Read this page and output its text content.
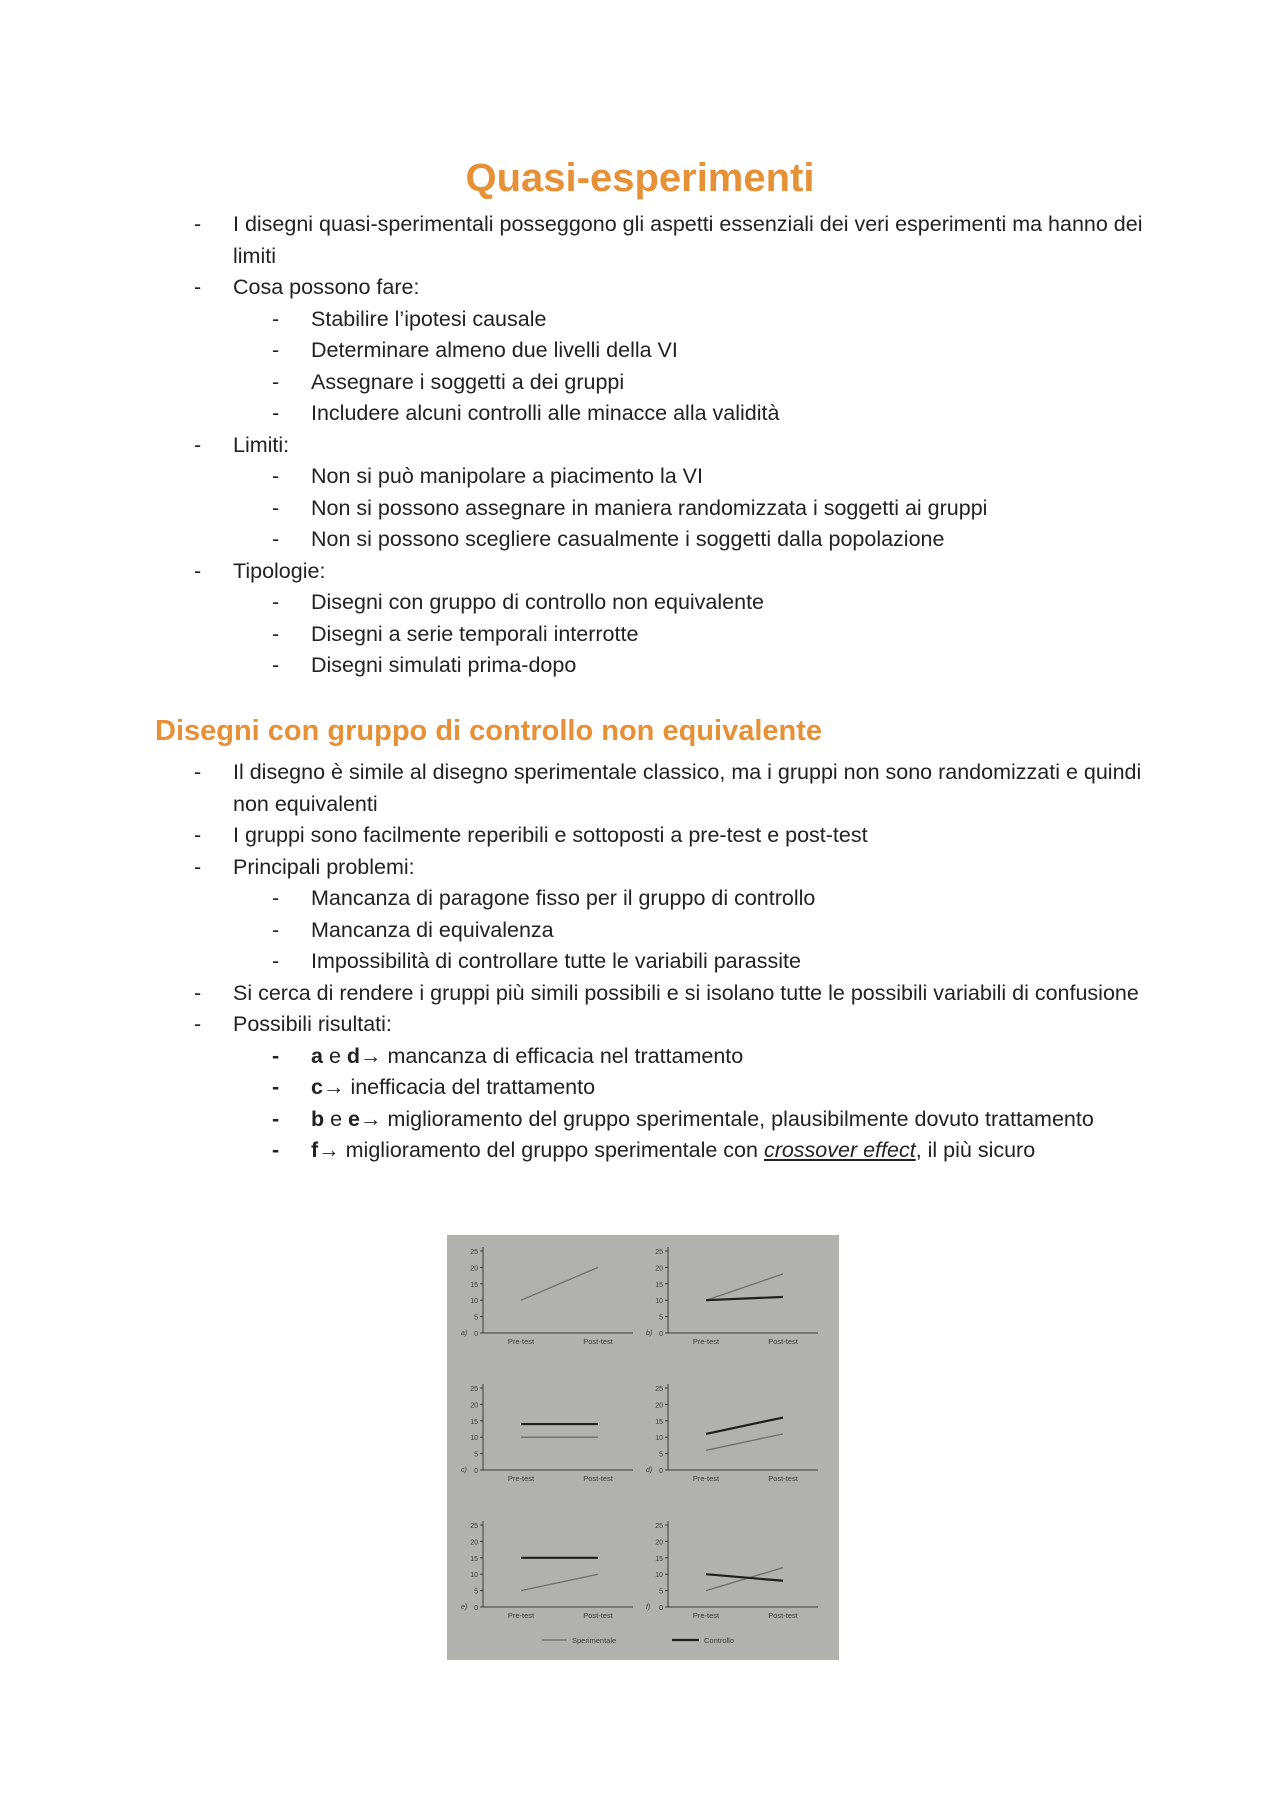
Quasi-esperimenti
- I disegni quasi-sperimentali posseggono gli aspetti essenziali dei veri esperimenti ma hanno dei limiti
- Cosa possono fare:
- Stabilire l’ipotesi causale
- Determinare almeno due livelli della VI
- Assegnare i soggetti a dei gruppi
- Includere alcuni controlli alle minacce alla validità
- Limiti:
- Non si può manipolare a piacimento la VI
- Non si possono assegnare in maniera randomizzata i soggetti ai gruppi
- Non si possono scegliere casualmente i soggetti dalla popolazione
- Tipologie:
- Disegni con gruppo di controllo non equivalente
- Disegni a serie temporali interrotte
- Disegni simulati prima-dopo
Disegni con gruppo di controllo non equivalente
- Il disegno è simile al disegno sperimentale classico, ma i gruppi non sono randomizzati e quindi non equivalenti
- I gruppi sono facilmente reperibili e sottoposti a pre-test e post-test
- Principali problemi:
- Mancanza di paragone fisso per il gruppo di controllo
- Mancanza di equivalenza
- Impossibilità di controllare tutte le variabili parassite
- Si cerca di rendere i gruppi più simili possibili e si isolano tutte le possibili variabili di confusione
- Possibili risultati:
- a e d→ mancanza di efficacia nel trattamento
- c→ inefficacia del trattamento
- b e e→ miglioramento del gruppo sperimentale, plausibilmente dovuto trattamento
- f→ miglioramento del gruppo sperimentale con crossover effect, il più sicuro
0
5
10
15
20
25
Pre-test	Post-test
a)	0
5
10
15
20
25
Pre-test	Post-test
b)
0
5
10
15
20
25
Pre-test	Post-test
c)	0
5
10
15
20
25
Pre-test	Post-test
d)
0
5
10
15
20
25
Pre-test	Post-test
e)	0
5
10
15
20
25
Pre-test	Post-test
f)
Sperimentale	Controllo
